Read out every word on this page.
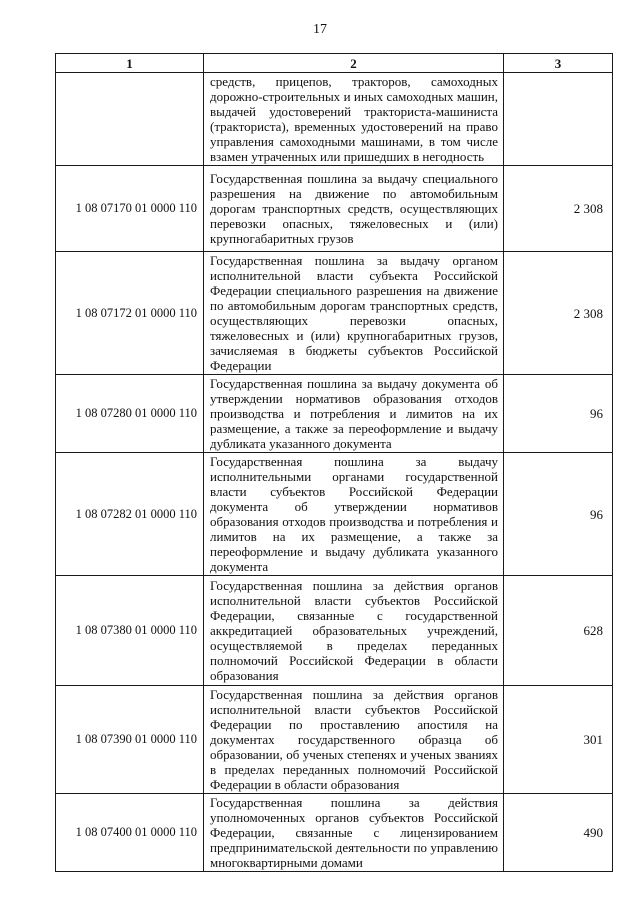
17
1	2	3
	средств, прицепов, тракторов, самоходных дорожно-строительных и иных самоходных машин, выдачей удостоверений тракториста-машиниста (тракториста), временных удостоверений на право управления самоходными машинами, в том числе взамен утраченных или пришедших в негодность	
1 08 07170 01 0000 110	Государственная пошлина за выдачу специального разрешения на движение по автомобильным дорогам транспортных средств, осуществляющих перевозки опасных, тяжеловесных и (или) крупногабаритных грузов	2 308
1 08 07172 01 0000 110	Государственная пошлина за выдачу органом исполнительной власти субъекта Российской Федерации специального разрешения на движение по автомобильным дорогам транспортных средств, осуществляющих перевозки опасных, тяжеловесных и (или) крупногабаритных грузов, зачисляемая в бюджеты субъектов Российской Федерации	2 308
1 08 07280 01 0000 110	Государственная пошлина за выдачу документа об утверждении нормативов образования отходов производства и потребления и лимитов на их размещение, а также за переоформление и выдачу дубликата указанного документа	96
1 08 07282 01 0000 110	Государственная пошлина за выдачу исполнительными органами государственной власти субъектов Российской Федерации документа об утверждении нормативов образования отходов производства и потребления и лимитов на их размещение, а также за переоформление и выдачу дубликата указанного документа	96
1 08 07380 01 0000 110	Государственная пошлина за действия органов исполнительной власти субъектов Российской Федерации, связанные с государственной аккредитацией образовательных учреждений, осуществляемой в пределах переданных полномочий Российской Федерации в области образования	628
1 08 07390 01 0000 110	Государственная пошлина за действия органов исполнительной власти субъектов Российской Федерации по проставлению апостиля на документах государственного образца об образовании, об ученых степенях и ученых званиях в пределах переданных полномочий Российской Федерации в области образования	301
1 08 07400 01 0000 110	Государственная пошлина за действия уполномоченных органов субъектов Российской Федерации, связанные с лицензированием предпринимательской деятельности по управлению многоквартирными домами	490
